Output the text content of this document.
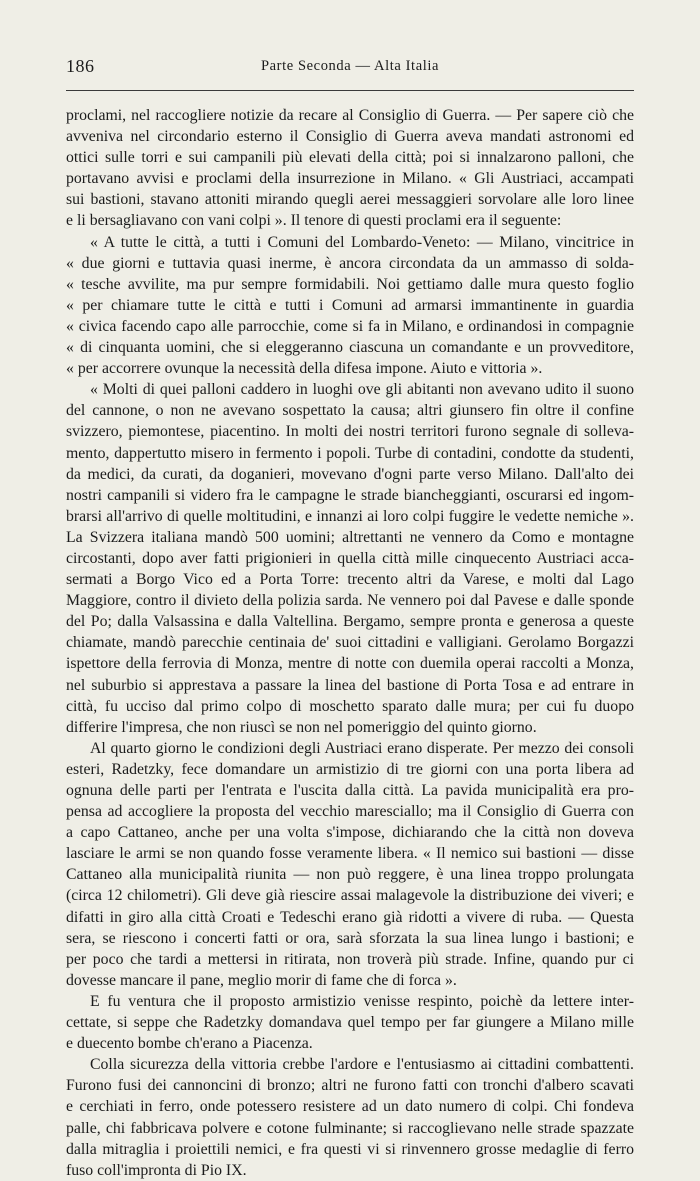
186	Parte Seconda — Alta Italia

proclami, nel raccogliere notizie da recare al Consiglio di Guerra. — Per sapere ciò che

avveniva nel circondario esterno il Consiglio di Guerra aveva mandati astronomi ed

ottici sulle torri e sui campanili più elevati della città; poi si innalzarono palloni, che

portavano avvisi e proclami della insurrezione in Milano. « Gli Austriaci, accampati

sui bastioni, stavano attoniti mirando quegli aerei messaggieri sorvolare alle loro linee

e li bersagliavano con vani colpi ». Il tenore di questi proclami era il seguente:

« A tutte le città, a tutti i Comuni del Lombardo-Veneto: — Milano, vincitrice in

« due giorni e tuttavia quasi inerme, è ancora circondata da un ammasso di solda-

« tesche avvilite, ma pur sempre formidabili. Noi gettiamo dalle mura questo foglio

« per chiamare tutte le città e tutti i Comuni ad armarsi immantinente in guardia

« civica facendo capo alle parrocchie, come si fa in Milano, e ordinandosi in compagnie

« di cinquanta uomini, che si eleggeranno ciascuna un comandante e un provveditore,

« per accorrere ovunque la necessità della difesa impone. Aiuto e vittoria ».

« Molti di quei palloni caddero in luoghi ove gli abitanti non avevano udito il suono

del cannone, o non ne avevano sospettato la causa; altri giunsero fin oltre il confine

svizzero, piemontese, piacentino. In molti dei nostri territori furono segnale di solleva-

mento, dappertutto misero in fermento i popoli. Turbe di contadini, condotte da studenti,

da medici, da curati, da doganieri, movevano d'ogni parte verso Milano. Dall'alto dei

nostri campanili si videro fra le campagne le strade biancheggianti, oscurarsi ed ingom-

brarsi all'arrivo di quelle moltitudini, e innanzi ai loro colpi fuggire le vedette nemiche ».

La Svizzera italiana mandò 500 uomini; altrettanti ne vennero da Como e montagne

circostanti, dopo aver fatti prigionieri in quella città mille cinquecento Austriaci acca-

sermati a Borgo Vico ed a Porta Torre: trecento altri da Varese, e molti dal Lago

Maggiore, contro il divieto della polizia sarda. Ne vennero poi dal Pavese e dalle sponde

del Po; dalla Valsassina e dalla Valtellina. Bergamo, sempre pronta e generosa a queste

chiamate, mandò parecchie centinaia de' suoi cittadini e valligiani. Gerolamo Borgazzi

ispettore della ferrovia di Monza, mentre di notte con duemila operai raccolti a Monza,

nel suburbio si apprestava a passare la linea del bastione di Porta Tosa e ad entrare in

città, fu ucciso dal primo colpo di moschetto sparato dalle mura; per cui fu duopo

differire l'impresa, che non riuscì se non nel pomeriggio del quinto giorno.

Al quarto giorno le condizioni degli Austriaci erano disperate. Per mezzo dei consoli

esteri, Radetzky, fece domandare un armistizio di tre giorni con una porta libera ad

ognuna delle parti per l'entrata e l'uscita dalla città. La pavida municipalità era pro-

pensa ad accogliere la proposta del vecchio maresciallo; ma il Consiglio di Guerra con

a capo Cattaneo, anche per una volta s'impose, dichiarando che la città non doveva

lasciare le armi se non quando fosse veramente libera. « Il nemico sui bastioni — disse

Cattaneo alla municipalità riunita — non può reggere, è una linea troppo prolungata

(circa 12 chilometri). Gli deve già riescire assai malagevole la distribuzione dei viveri; e

difatti in giro alla città Croati e Tedeschi erano già ridotti a vivere di ruba. — Questa

sera, se riescono i concerti fatti or ora, sarà sforzata la sua linea lungo i bastioni; e

per poco che tardi a mettersi in ritirata, non troverà più strade. Infine, quando pur ci

dovesse mancare il pane, meglio morir di fame che di forca ».

E fu ventura che il proposto armistizio venisse respinto, poichè da lettere inter-

cettate, si seppe che Radetzky domandava quel tempo per far giungere a Milano mille

e duecento bombe ch'erano a Piacenza.

Colla sicurezza della vittoria crebbe l'ardore e l'entusiasmo ai cittadini combattenti.

Furono fusi dei cannoncini di bronzo; altri ne furono fatti con tronchi d'albero scavati

e cerchiati in ferro, onde potessero resistere ad un dato numero di colpi. Chi fondeva

palle, chi fabbricava polvere e cotone fulminante; si raccoglievano nelle strade spazzate

dalla mitraglia i proiettili nemici, e fra questi vi si rinvennero grosse medaglie di ferro

fuso coll'impronta di Pio IX.
